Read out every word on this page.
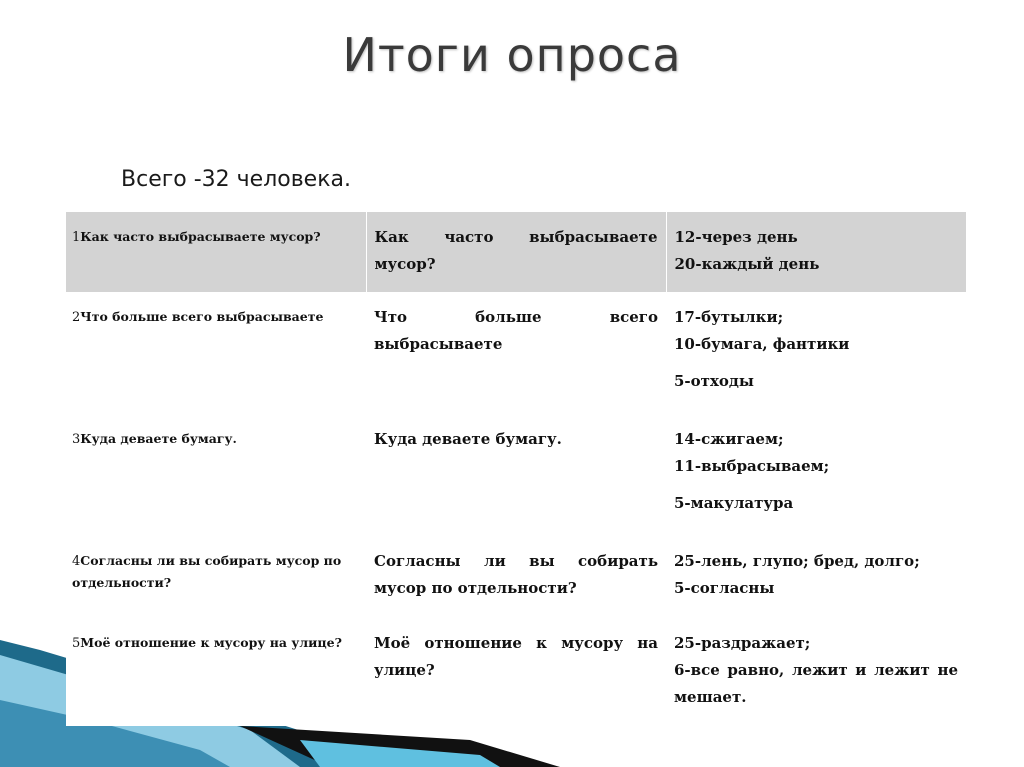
Итоги опроса
Всего -32 человека.
1Как часто выбрасываете мусор?	Как часто выбрасываете мусор?	12-через день
20-каждый день

2Что больше всего выбрасываете	Что больше всего выбрасываете	17-бутылки;
10-бумага, фантики
5-отходы

3Куда деваете бумагу.	Куда деваете бумагу.	14-сжигаем;
11-выбрасываем;
5-макулатура

4Согласны ли вы собирать мусор по отдельности?	Согласны ли вы собирать мусор по отдельности?	25-лень, глупо; бред, долго;
5-согласны

5Моё отношение к мусору на улице?	Моё отношение к мусору на улице?	25-раздражает;
6-все равно, лежит и лежит не мешает.
